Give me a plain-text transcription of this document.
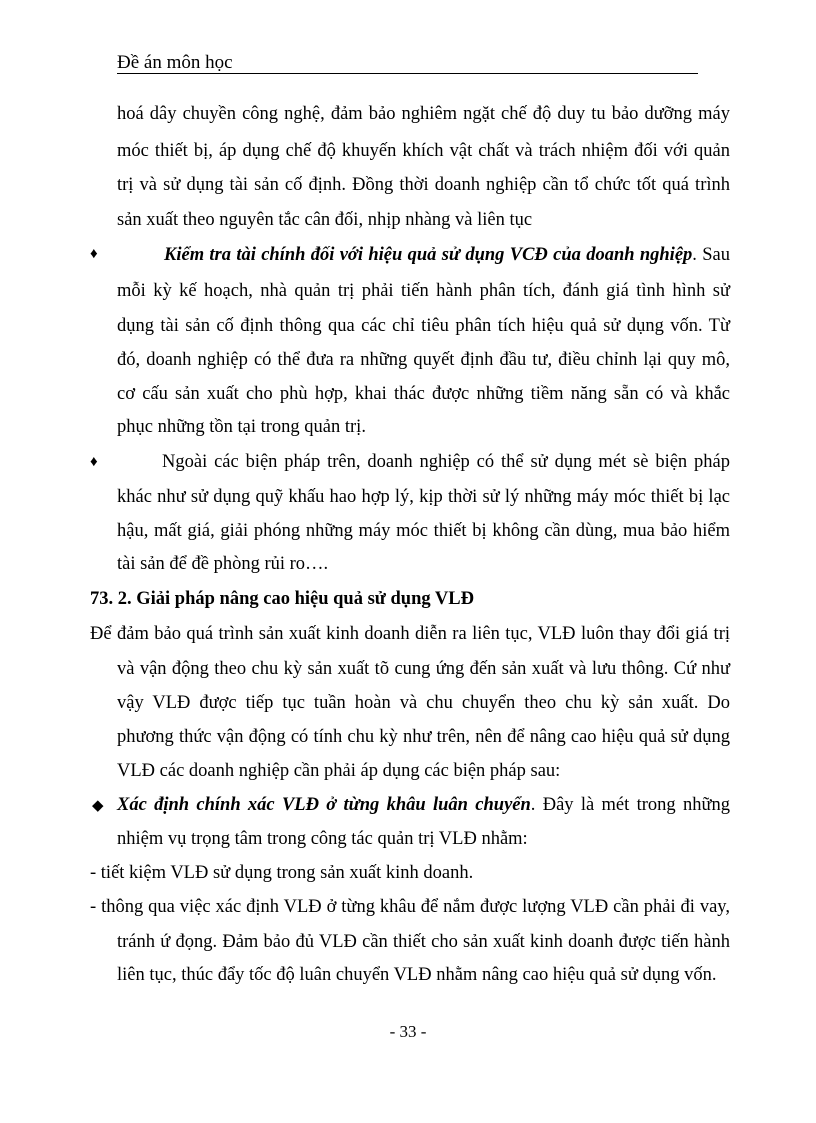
Đề án môn học
hoá dây chuyền công nghệ, đảm bảo nghiêm ngặt chế độ duy tu bảo dưỡng máy
móc thiết bị, áp dụng chế độ khuyến khích vật chất và trách nhiệm đối với quản
trị và sử dụng tài sản cố định. Đồng thời doanh nghiệp cần tổ chức tốt quá trình
sản xuất theo nguyên tắc cân đối, nhịp nhàng và liên tục
♦	Kiểm tra tài chính đối với hiệu quả sử dụng VCĐ của doanh nghiệp. Sau
mỗi kỳ kế hoạch, nhà quản trị phải tiến hành phân tích, đánh giá tình hình sử
dụng tài sản cố định thông qua các chỉ tiêu phân tích hiệu quả sử dụng vốn. Từ
đó, doanh nghiệp có thể đưa ra những quyết định đầu tư, điều chỉnh lại quy mô,
cơ cấu sản xuất cho phù hợp, khai thác được những tiềm năng sẵn có và khắc
phục những tồn tại trong quản trị.
♦	Ngoài các biện pháp trên, doanh nghiệp có thể sử dụng mét sè biện pháp
khác như sử dụng quỹ khấu hao hợp lý, kịp thời sử lý những máy móc thiết bị lạc
hậu, mất giá, giải phóng những máy móc thiết bị không cần dùng, mua bảo hiểm
tài sản để đề phòng rủi ro….
73. 2. Giải pháp nâng cao hiệu quả sử dụng VLĐ
Để đảm bảo quá trình sản xuất kinh doanh diễn ra liên tục, VLĐ luôn thay đổi giá trị
và vận động theo chu kỳ sản xuất tõ cung ứng đến sản xuất và lưu thông. Cứ như
vậy VLĐ được tiếp tục tuần hoàn và chu chuyển theo chu kỳ sản xuất. Do
phương thức vận động có tính chu kỳ như trên, nên để nâng cao hiệu quả sử dụng
VLĐ các doanh nghiệp cần phải áp dụng các biện pháp sau:
◆ Xác định chính xác VLĐ ở từng khâu luân chuyển. Đây là mét trong những
nhiệm vụ trọng tâm trong công tác quản trị VLĐ nhằm:
- tiết kiệm VLĐ sử dụng trong sản xuất kinh doanh.
- thông qua việc xác định VLĐ ở từng khâu để nắm được lượng VLĐ cần phải đi vay,
tránh ứ đọng. Đảm bảo đủ VLĐ cần thiết cho sản xuất kinh doanh được tiến hành
liên tục, thúc đẩy tốc độ luân chuyển VLĐ nhằm nâng cao hiệu quả sử dụng vốn.
- 33 -
